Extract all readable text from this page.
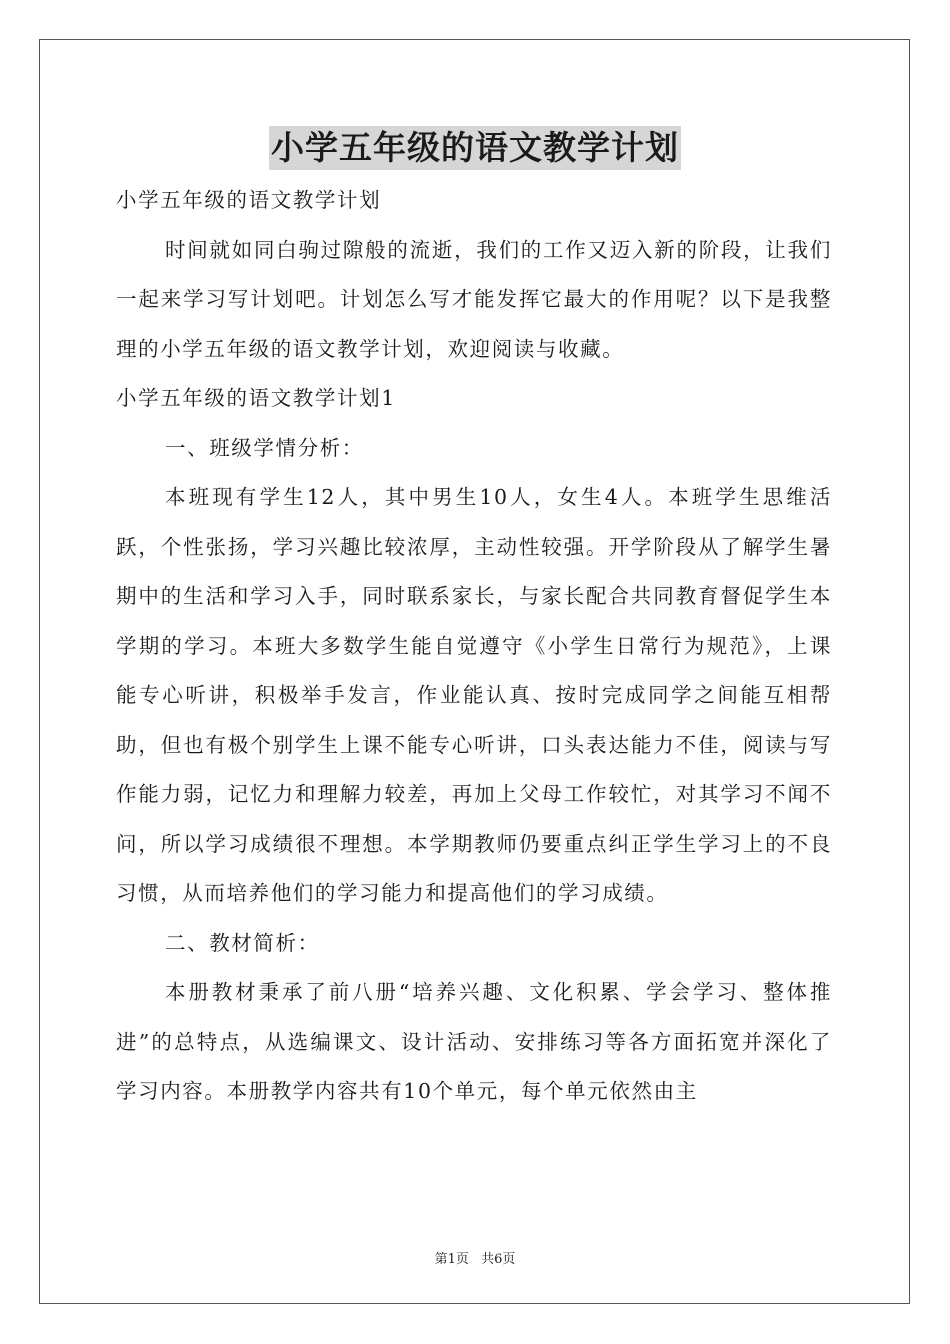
小学五年级的语文教学计划

小学五年级的语文教学计划

时间就如同白驹过隙般的流逝，我们的工作又迈入新的阶段，让我们一起来学习写计划吧。计划怎么写才能发挥它最大的作用呢？以下是我整理的小学五年级的语文教学计划，欢迎阅读与收藏。

小学五年级的语文教学计划1

一、班级学情分析：

本班现有学生12人，其中男生10人，女生4人。本班学生思维活跃，个性张扬，学习兴趣比较浓厚，主动性较强。开学阶段从了解学生暑期中的生活和学习入手，同时联系家长，与家长配合共同教育督促学生本学期的学习。本班大多数学生能自觉遵守《小学生日常行为规范》，上课能专心听讲，积极举手发言，作业能认真、按时完成同学之间能互相帮助，但也有极个别学生上课不能专心听讲，口头表达能力不佳，阅读与写作能力弱，记忆力和理解力较差，再加上父母工作较忙，对其学习不闻不问，所以学习成绩很不理想。本学期教师仍要重点纠正学生学习上的不良习惯，从而培养他们的学习能力和提高他们的学习成绩。

二、教材简析：

本册教材秉承了前八册“培养兴趣、文化积累、学会学习、整体推进”的总特点，从选编课文、设计活动、安排练习等各方面拓宽并深化了学习内容。本册教学内容共有10个单元，每个单元依然由主

第1页 共6页
